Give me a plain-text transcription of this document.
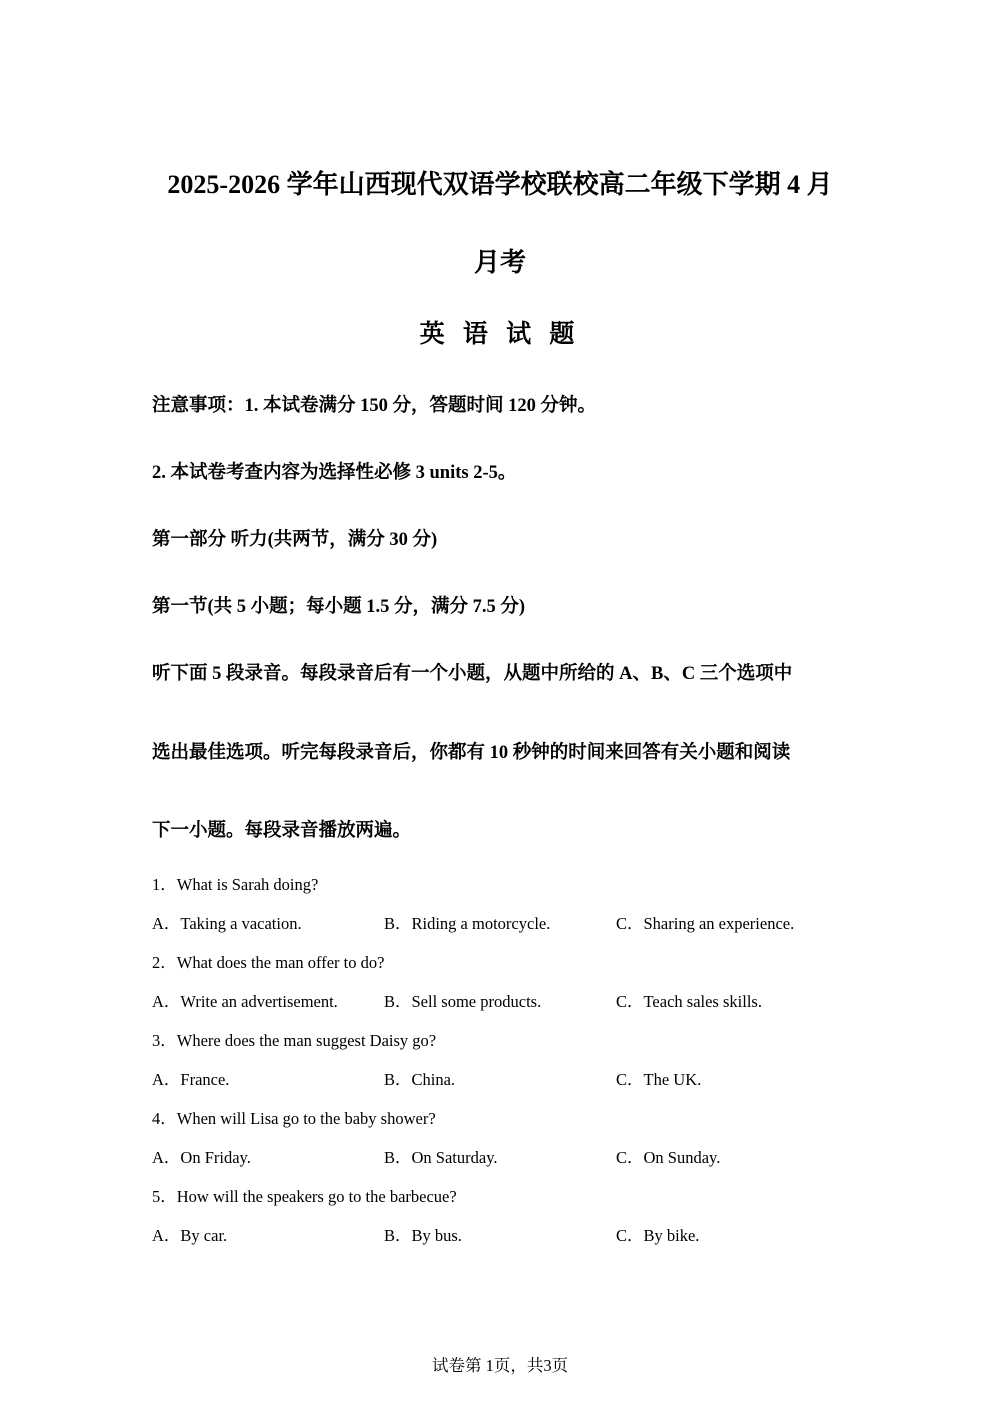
2025-2026 学年山西现代双语学校联校高二年级下学期 4 月
月考
英 语 试 题
注意事项：1. 本试卷满分 150 分，答题时间 120 分钟。
2. 本试卷考查内容为选择性必修 3 units 2-5。
第一部分 听力(共两节，满分 30 分)
第一节(共 5 小题；每小题 1.5 分，满分 7.5 分)
听下面 5 段录音。每段录音后有一个小题，从题中所给的 A、B、C 三个选项中
选出最佳选项。听完每段录音后，你都有 10 秒钟的时间来回答有关小题和阅读
下一小题。每段录音播放两遍。
1．What is Sarah doing?
A．Taking a vacation.	B．Riding a motorcycle.	C．Sharing an experience.
2．What does the man offer to do?
A．Write an advertisement.	B．Sell some products.	C．Teach sales skills.
3．Where does the man suggest Daisy go?
A．France.	B．China.	C．The UK.
4．When will Lisa go to the baby shower?
A．On Friday.	B．On Saturday.	C．On Sunday.
5．How will the speakers go to the barbecue?
A．By car.	B．By bus.	C．By bike.
试卷第 1页，共3页
